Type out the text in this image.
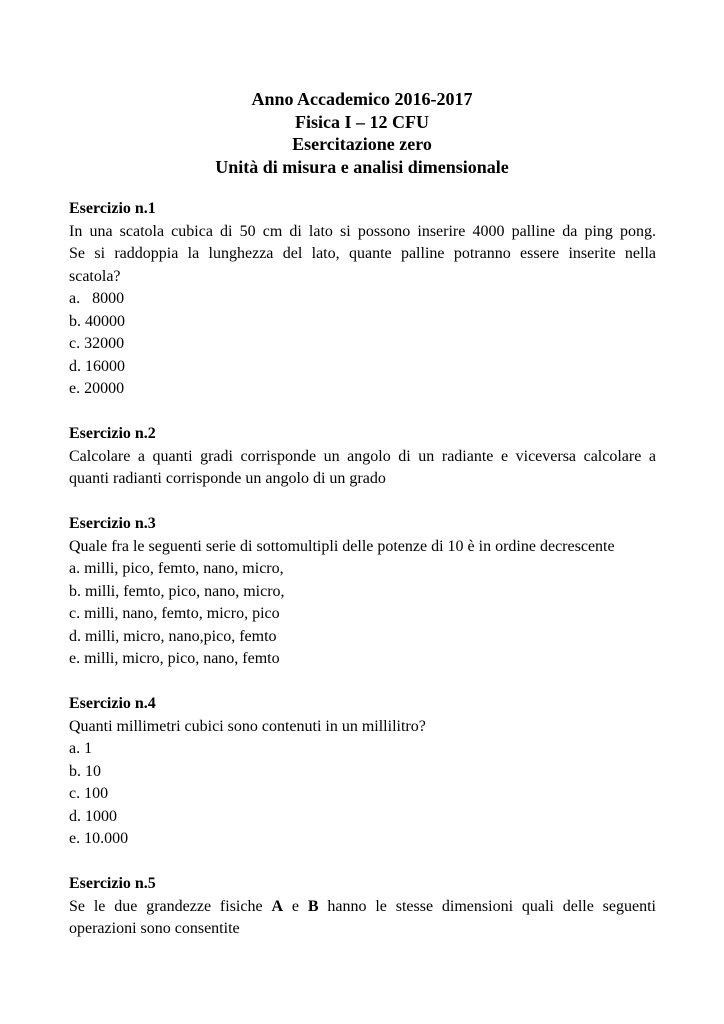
Anno Accademico 2016-2017
Fisica I – 12 CFU
Esercitazione zero
Unità di misura e analisi dimensionale
Esercizio n.1
In una scatola cubica di 50 cm di lato si possono inserire 4000 palline da ping pong.
Se si raddoppia la lunghezza del lato, quante palline potranno essere inserite nella
scatola?
a.   8000
b. 40000
c. 32000
d. 16000
e. 20000
Esercizio n.2
Calcolare a quanti gradi corrisponde un angolo di un radiante e viceversa calcolare a
quanti radianti corrisponde un angolo di un grado
Esercizio n.3
Quale fra le seguenti serie di sottomultipli delle potenze di 10 è in ordine decrescente
a. milli, pico, femto, nano, micro,
b. milli, femto, pico, nano, micro,
c. milli, nano, femto, micro, pico
d. milli, micro, nano,pico, femto
e. milli, micro, pico, nano, femto
Esercizio n.4
Quanti millimetri cubici sono contenuti in un millilitro?
a. 1
b. 10
c. 100
d. 1000
e. 10.000
Esercizio n.5
Se le due grandezze fisiche A e B hanno le stesse dimensioni quali delle seguenti
operazioni sono consentite
